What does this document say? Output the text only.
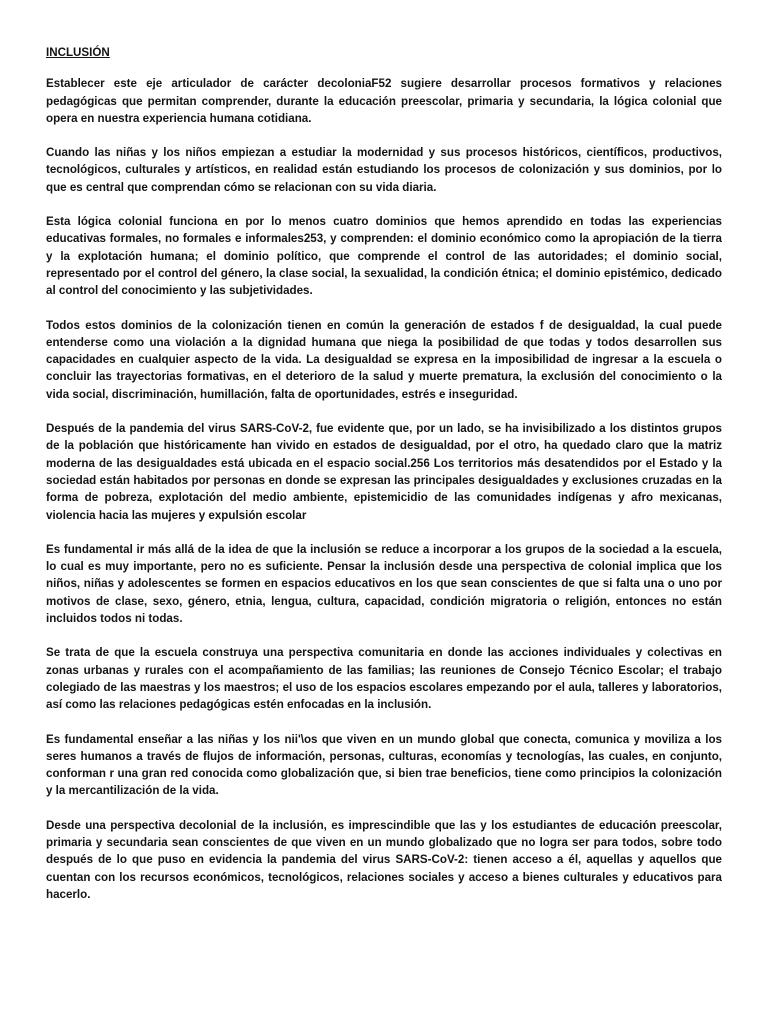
INCLUSIÓN

Establecer este eje articulador de carácter decoloniaF52 sugiere desarrollar procesos formativos y relaciones pedagógicas que permitan comprender, durante la educación preescolar, primaria y secundaria, la lógica colonial que opera en nuestra experiencia humana cotidiana.

Cuando las niñas y los niños empiezan a estudiar la modernidad y sus procesos históricos, científicos, productivos, tecnológicos, culturales y artísticos, en realidad están estudiando los procesos de colonización y sus dominios, por lo que es central que comprendan cómo se relacionan con su vida diaria.

Esta lógica colonial funciona en por lo menos cuatro dominios que hemos aprendido en todas las experiencias educativas formales, no formales e informales253, y comprenden: el dominio económico como la apropiación de la tierra y la explotación humana; el dominio político, que comprende el control de las autoridades; el dominio social, representado por el control del género, la clase social, la sexualidad, la condición étnica; el dominio epistémico, dedicado al control del conocimiento y las subjetividades.

Todos estos dominios de la colonización tienen en común la generación de estados f de desigualdad, la cual puede entenderse como una violación a la dignidad humana que niega la posibilidad de que todas y todos desarrollen sus capacidades en cualquier aspecto de la vida. La desigualdad se expresa en la imposibilidad de ingresar a la escuela o concluir las trayectorias formativas, en el deterioro de la salud y muerte prematura, la exclusión del conocimiento o la vida social, discriminación, humillación, falta de oportunidades, estrés e inseguridad.

Después de la pandemia del virus SARS-CoV-2, fue evidente que, por un lado, se ha invisibilizado a los distintos grupos de la población que históricamente han vivido en estados de desigualdad, por el otro, ha quedado claro que la matriz moderna de las desigualdades está ubicada en el espacio social.256 Los territorios más desatendidos por el Estado y la sociedad están habitados por personas en donde se expresan las principales desigualdades y exclusiones cruzadas en la forma de pobreza, explotación del medio ambiente, epistemicidio de las comunidades indígenas y afro mexicanas, violencia hacia las mujeres y expulsión escolar

Es fundamental ir más allá de la idea de que la inclusión se reduce a incorporar a los grupos de la sociedad a la escuela, lo cual es muy importante, pero no es suficiente. Pensar la inclusión desde una perspectiva de colonial implica que los niños, niñas y adolescentes se formen en espacios educativos en los que sean conscientes de que si falta una o uno por motivos de clase, sexo, género, etnia, lengua, cultura, capacidad, condición migratoria o religión, entonces no están incluidos todos ni todas.

Se trata de que la escuela construya una perspectiva comunitaria en donde las acciones individuales y colectivas en zonas urbanas y rurales con el acompañamiento de las familias; las reuniones de Consejo Técnico Escolar; el trabajo colegiado de las maestras y los maestros; el uso de los espacios escolares empezando por el aula, talleres y laboratorios, así como las relaciones pedagógicas estén enfocadas en la inclusión.

Es fundamental enseñar a las niñas y los nii'\os que viven en un mundo global que conecta, comunica y moviliza a los seres humanos a través de flujos de información, personas, culturas, economías y tecnologías, las cuales, en conjunto, conforman r una gran red conocida como globalización que, si bien trae beneficios, tiene como principios la colonización y la mercantilización de la vida.

Desde una perspectiva decolonial de la inclusión, es imprescindible que las y los estudiantes de educación preescolar, primaria y secundaria sean conscientes de que viven en un mundo globalizado que no logra ser para todos, sobre todo después de lo que puso en evidencia la pandemia del virus SARS-CoV-2: tienen acceso a él, aquellas y aquellos que cuentan con los recursos económicos, tecnológicos, relaciones sociales y acceso a bienes culturales y educativos para hacerlo.
